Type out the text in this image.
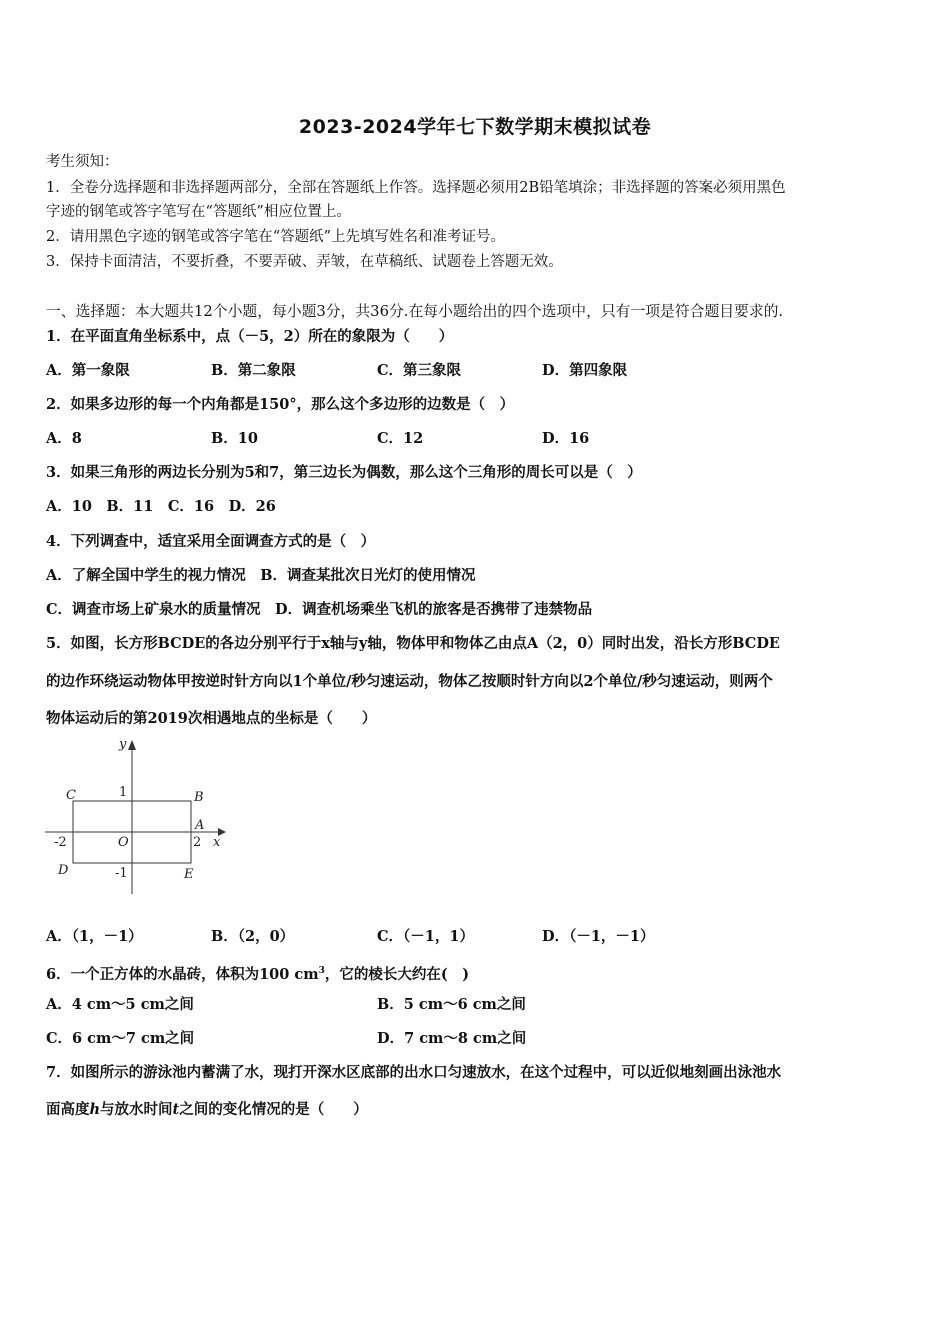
2023-2024学年七下数学期末模拟试卷
考生须知：
1．全卷分选择题和非选择题两部分，全部在答题纸上作答。选择题必须用2B铅笔填涂；非选择题的答案必须用黑色
字迹的钢笔或答字笔写在“答题纸”相应位置上。
2．请用黑色字迹的钢笔或答字笔在“答题纸”上先填写姓名和准考证号。
3．保持卡面清洁，不要折叠，不要弄破、弄皱，在草稿纸、试题卷上答题无效。
一、选择题：本大题共12个小题，每小题3分，共36分.在每小题给出的四个选项中，只有一项是符合题目要求的.
1．在平面直角坐标系中，点（－5，2）所在的象限为（　　）
A．第一象限	B．第二象限	C．第三象限	D．第四象限
2．如果多边形的每一个内角都是150°，那么这个多边形的边数是（　）
A．8	B．10	C．12	D．16
3．如果三角形的两边长分别为5和7，第三边长为偶数，那么这个三角形的周长可以是（　）
A．10　B．11　C．16　D．26
4．下列调查中，适宜采用全面调查方式的是（　）
A．了解全国中学生的视力情况　B．调查某批次日光灯的使用情况
C．调查市场上矿泉水的质量情况　D．调查机场乘坐飞机的旅客是否携带了违禁物品
5．如图，长方形BCDE的各边分别平行于x轴与y轴，物体甲和物体乙由点A（2，0）同时出发，沿长方形BCDE
的边作环绕运动物体甲按逆时针方向以1个单位/秒匀速运动，物体乙按顺时针方向以2个单位/秒匀速运动，则两个
物体运动后的第2019次相遇地点的坐标是（　　）
y
x
C	B
A
D	E
O
1
-1
-2	2
A．（1，－1）	B．（2，0）	C．（－1，1）	D．（－1，－1）
6．一个正方体的水晶砖，体积为100 $cm^3$，它的棱长大约在(　)
A．4 cm～5 cm之间	B．5 cm～6 cm之间
C．6 cm～7 cm之间	D．7 cm～8 cm之间
7．如图所示的游泳池内蓄满了水，现打开深水区底部的出水口匀速放水，在这个过程中，可以近似地刻画出泳池水
面高度h与放水时间t之间的变化情况的是（　　）
